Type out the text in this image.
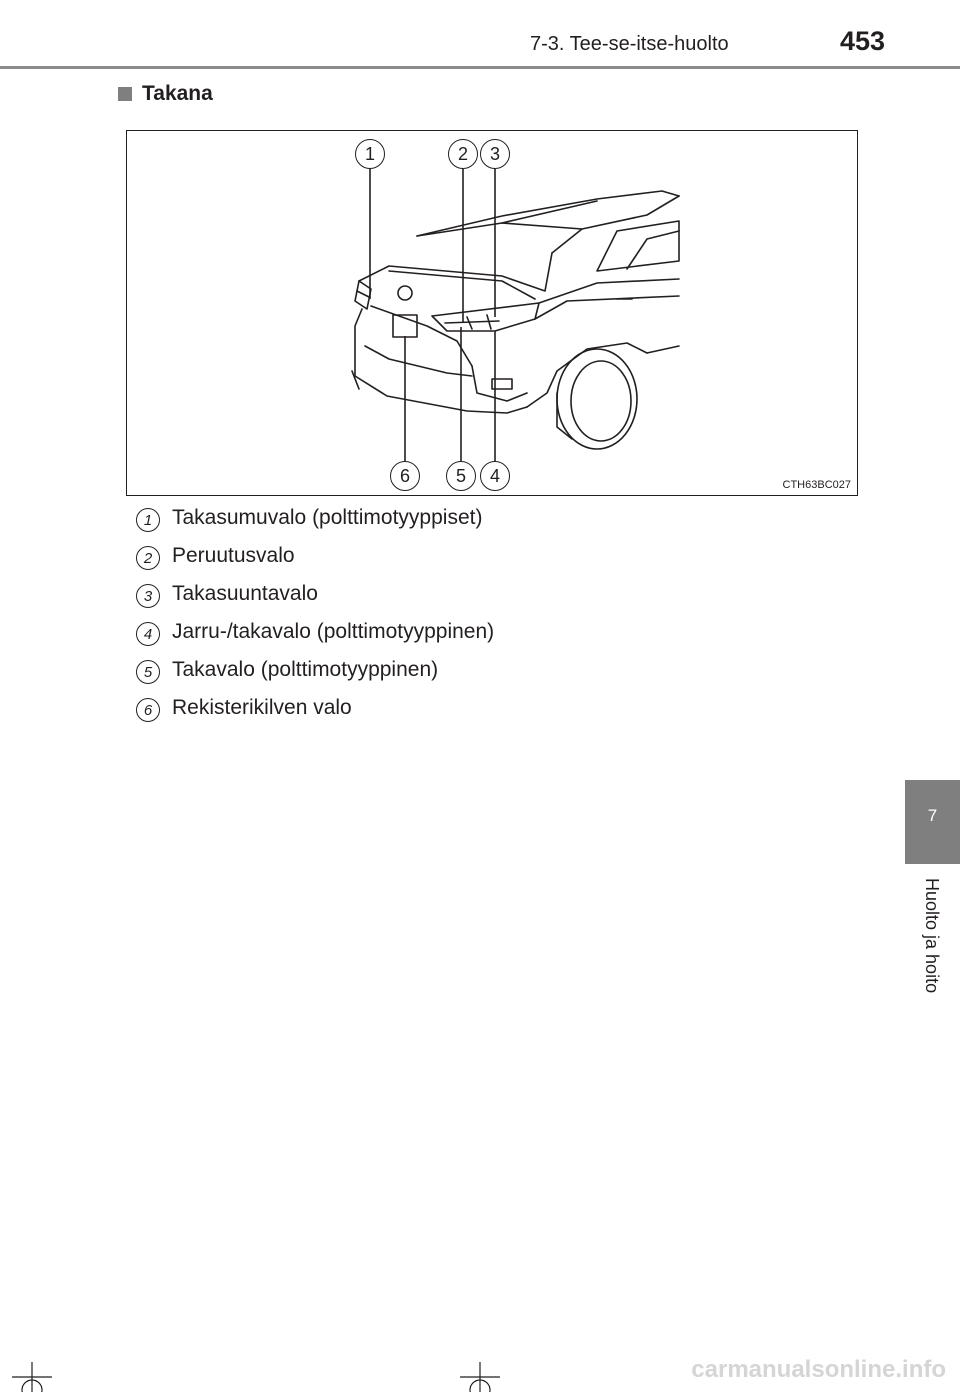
7-3. Tee-se-itse-huolto	453
Takana
1	2	3
6	5	4	CTH63BC027
1 Takasumuvalo (polttimotyyppiset)
2 Peruutusvalo
3 Takasuuntavalo
4 Jarru-/takavalo (polttimotyyppinen)
5 Takavalo (polttimotyyppinen)
6 Rekisterikilven valo
7
Huolto ja hoito
carmanualsonline.info
